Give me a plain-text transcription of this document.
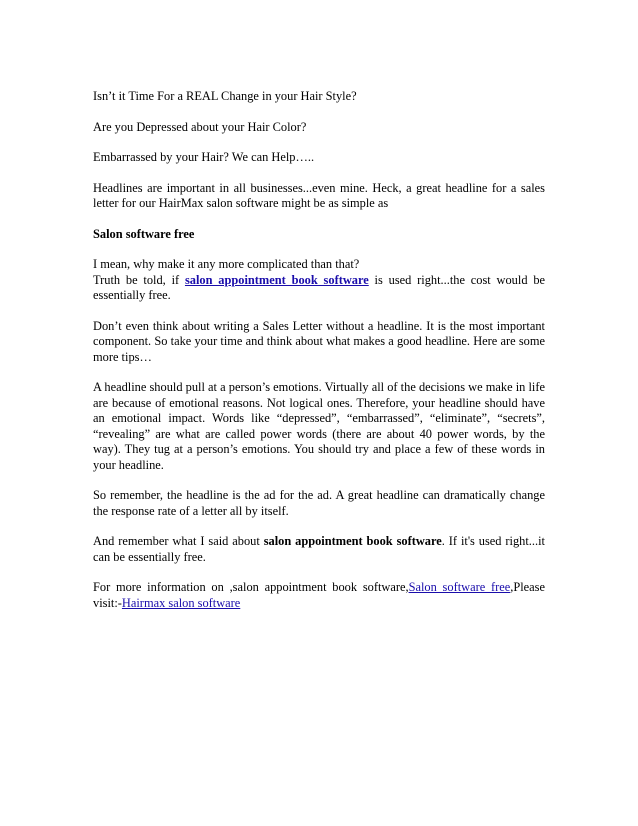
Isn’t it Time For a REAL Change in your Hair Style?

Are you Depressed about your Hair Color?

Embarrassed by your Hair? We can Help…..

Headlines are important in all businesses...even mine. Heck, a great headline for a sales letter for our HairMax salon software might be as simple as

Salon software free

I mean, why make it any more complicated than that?
Truth be told, if salon appointment book software is used right...the cost would be essentially free.

Don’t even think about writing a Sales Letter without a headline. It is the most important component. So take your time and think about what makes a good headline. Here are some more tips…

A headline should pull at a person’s emotions. Virtually all of the decisions we make in life are because of emotional reasons. Not logical ones. Therefore, your headline should have an emotional impact. Words like “depressed”, “embarrassed”, “eliminate”, “secrets”, “revealing” are what are called power words (there are about 40 power words, by the way). They tug at a person’s emotions. You should try and place a few of these words in your headline.

So remember, the headline is the ad for the ad. A great headline can dramatically change the response rate of a letter all by itself.

And remember what I said about salon appointment book software. If it's used right...it can be essentially free.

For more information on ,salon appointment book software,Salon software free,Please visit:-Hairmax salon software
